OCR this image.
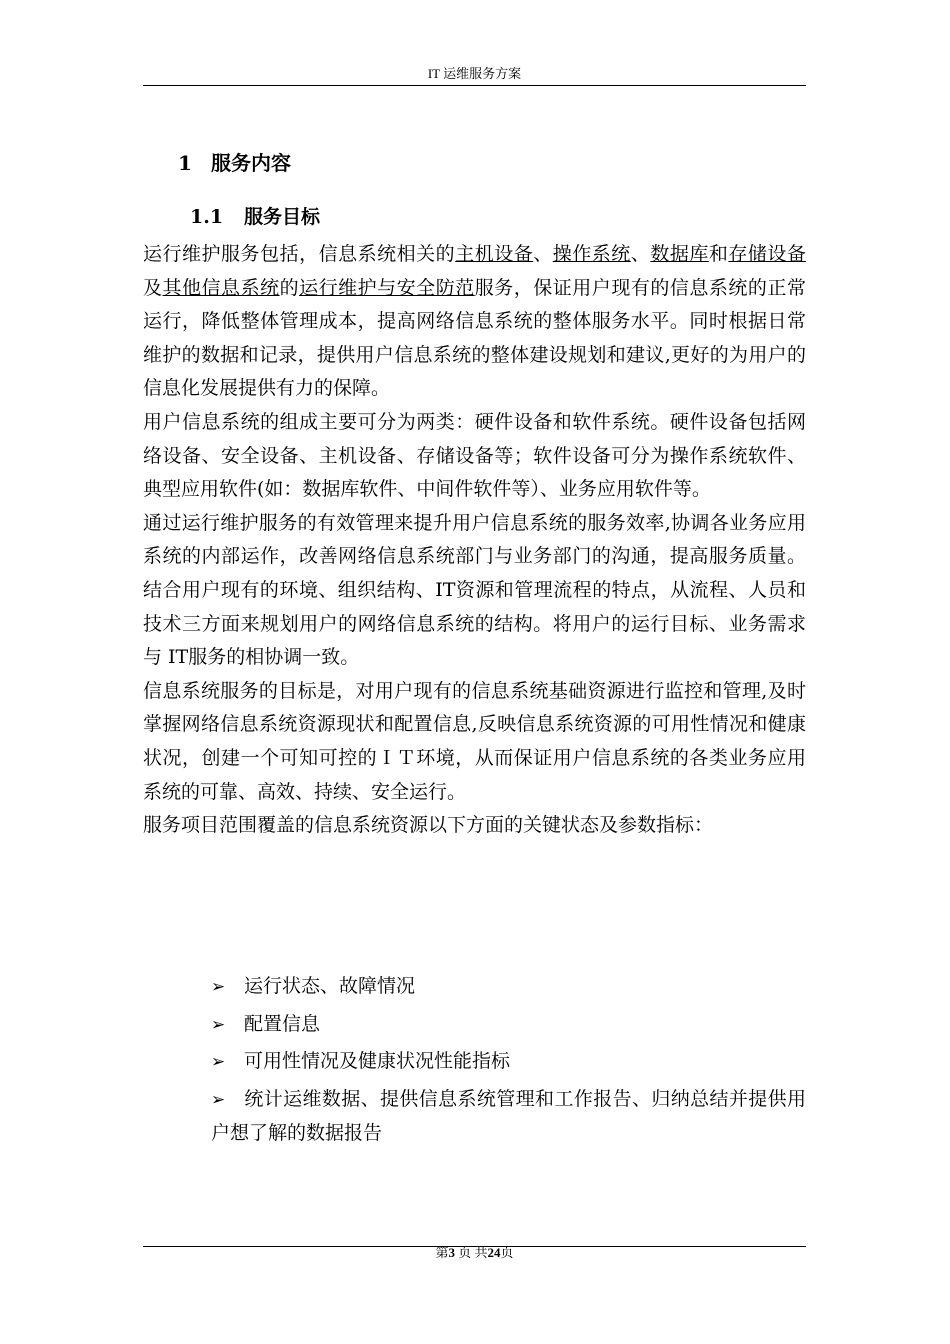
IT 运维服务方案
1 服务内容
1.1 服务目标

运行维护服务包括，信息系统相关的主机设备、操作系统、数据库和存储设备及其他信息系统的运行维护与安全防范服务，保证用户现有的信息系统的正常运行，降低整体管理成本，提高网络信息系统的整体服务水平。同时根据日常维护的数据和记录，提供用户信息系统的整体建设规划和建议,更好的为用户的信息化发展提供有力的保障。

用户信息系统的组成主要可分为两类：硬件设备和软件系统。硬件设备包括网络设备、安全设备、主机设备、存储设备等；软件设备可分为操作系统软件、典型应用软件(如：数据库软件、中间件软件等）、业务应用软件等。

通过运行维护服务的有效管理来提升用户信息系统的服务效率,协调各业务应用系统的内部运作，改善网络信息系统部门与业务部门的沟通，提高服务质量。结合用户现有的环境、组织结构、IT资源和管理流程的特点，从流程、人员和技术三方面来规划用户的网络信息系统的结构。将用户的运行目标、业务需求与 IT服务的相协调一致。

信息系统服务的目标是，对用户现有的信息系统基础资源进行监控和管理,及时掌握网络信息系统资源现状和配置信息,反映信息系统资源的可用性情况和健康状况，创建一个可知可控的ＩＴ环境，从而保证用户信息系统的各类业务应用系统的可靠、高效、持续、安全运行。

服务项目范围覆盖的信息系统资源以下方面的关键状态及参数指标：

➢ 运行状态、故障情况
➢ 配置信息
➢ 可用性情况及健康状况性能指标
➢ 统计运维数据、提供信息系统管理和工作报告、归纳总结并提供用户想了解的数据报告
第3 页 共24页
